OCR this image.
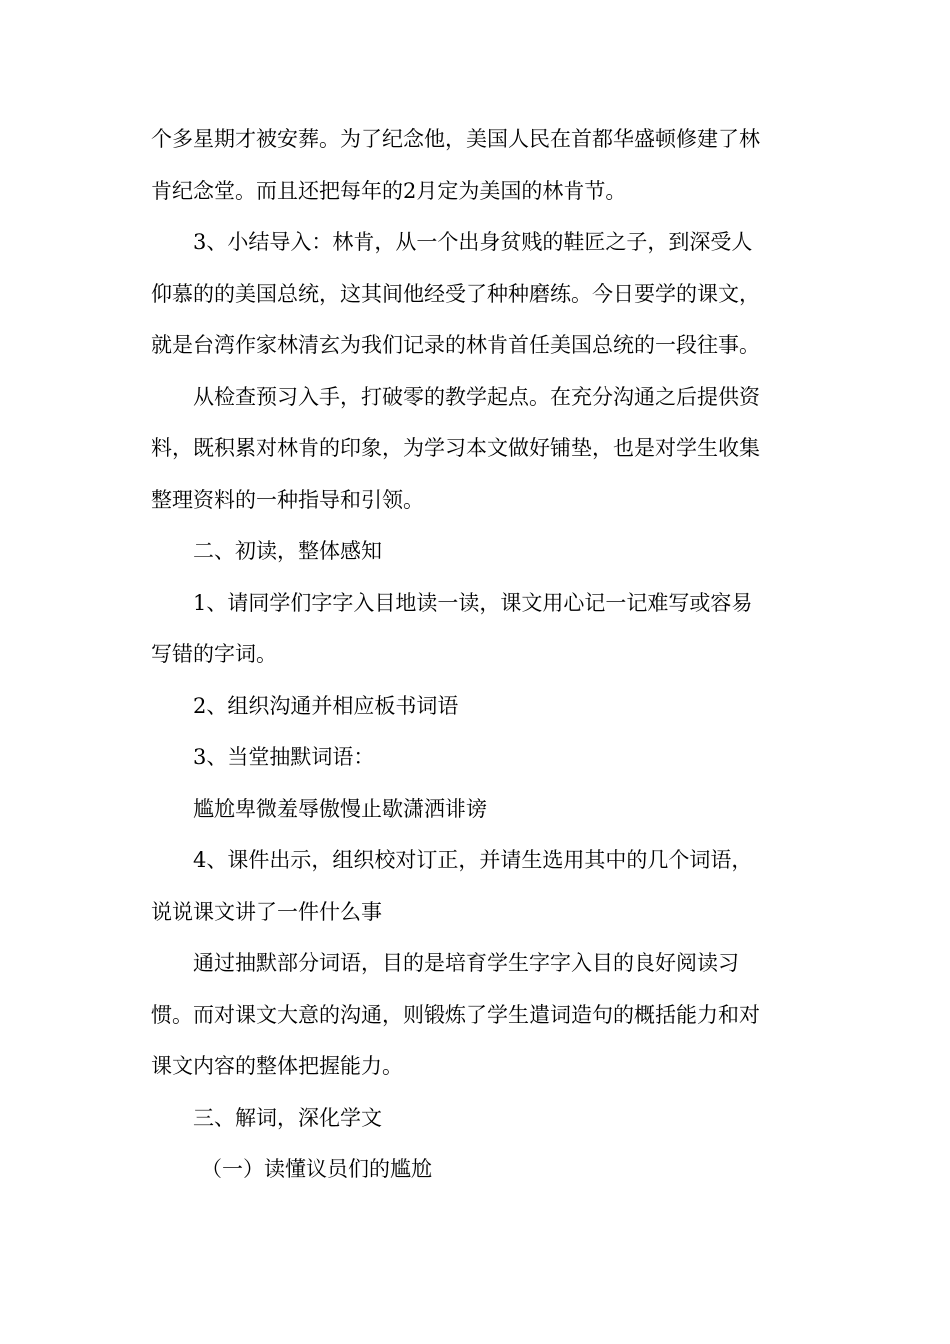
个多星期才被安葬。为了纪念他，美国人民在首都华盛顿修建了林
肯纪念堂。而且还把每年的2月定为美国的林肯节。
3、小结导入：林肯，从一个出身贫贱的鞋匠之子，到深受人
仰慕的的美国总统，这其间他经受了种种磨练。今日要学的课文，
就是台湾作家林清玄为我们记录的林肯首任美国总统的一段往事。
从检查预习入手，打破零的教学起点。在充分沟通之后提供资
料，既积累对林肯的印象，为学习本文做好铺垫，也是对学生收集
整理资料的一种指导和引领。
二、初读，整体感知
1、请同学们字字入目地读一读，课文用心记一记难写或容易
写错的字词。
2、组织沟通并相应板书词语
3、当堂抽默词语：
尴尬卑微羞辱傲慢止歇潇洒诽谤
4、课件出示，组织校对订正，并请生选用其中的几个词语，
说说课文讲了一件什么事
通过抽默部分词语，目的是培育学生字字入目的良好阅读习
惯。而对课文大意的沟通，则锻炼了学生遣词造句的概括能力和对
课文内容的整体把握能力。
三、解词，深化学文
（一）读懂议员们的尴尬
